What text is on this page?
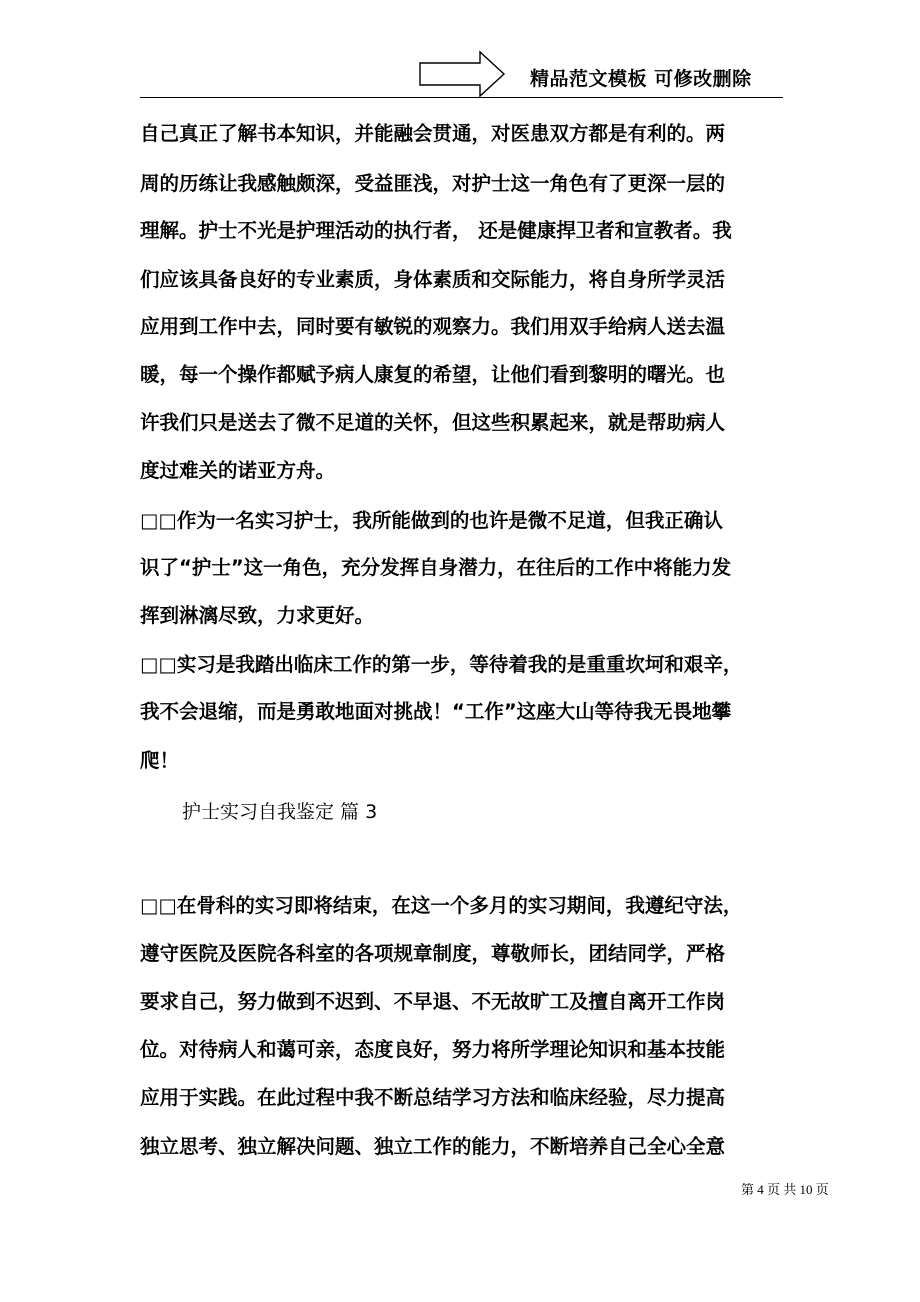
精品范文模板 可修改删除
自己真正了解书本知识，并能融会贯通，对医患双方都是有利的。两
周的历练让我感触颇深，受益匪浅，对护士这一角色有了更深一层的
理解。护士不光是护理活动的执行者， 还是健康捍卫者和宣教者。我
们应该具备良好的专业素质，身体素质和交际能力，将自身所学灵活
应用到工作中去，同时要有敏锐的观察力。我们用双手给病人送去温
暖，每一个操作都赋予病人康复的希望，让他们看到黎明的曙光。也
许我们只是送去了微不足道的关怀，但这些积累起来，就是帮助病人
度过难关的诺亚方舟。
□□作为一名实习护士，我所能做到的也许是微不足道，但我正确认
识了“护士”这一角色，充分发挥自身潜力，在往后的工作中将能力发
挥到淋漓尽致，力求更好。
□□实习是我踏出临床工作的第一步，等待着我的是重重坎坷和艰辛，
我不会退缩，而是勇敢地面对挑战！“工作”这座大山等待我无畏地攀
爬！
护士实习自我鉴定 篇 3
□□在骨科的实习即将结束，在这一个多月的实习期间，我遵纪守法，
遵守医院及医院各科室的各项规章制度，尊敬师长，团结同学，严格
要求自己，努力做到不迟到、不早退、不无故旷工及擅自离开工作岗
位。对待病人和蔼可亲，态度良好，努力将所学理论知识和基本技能
应用于实践。在此过程中我不断总结学习方法和临床经验，尽力提高
独立思考、独立解决问题、独立工作的能力，不断培养自己全心全意
第 4 页 共 10 页
